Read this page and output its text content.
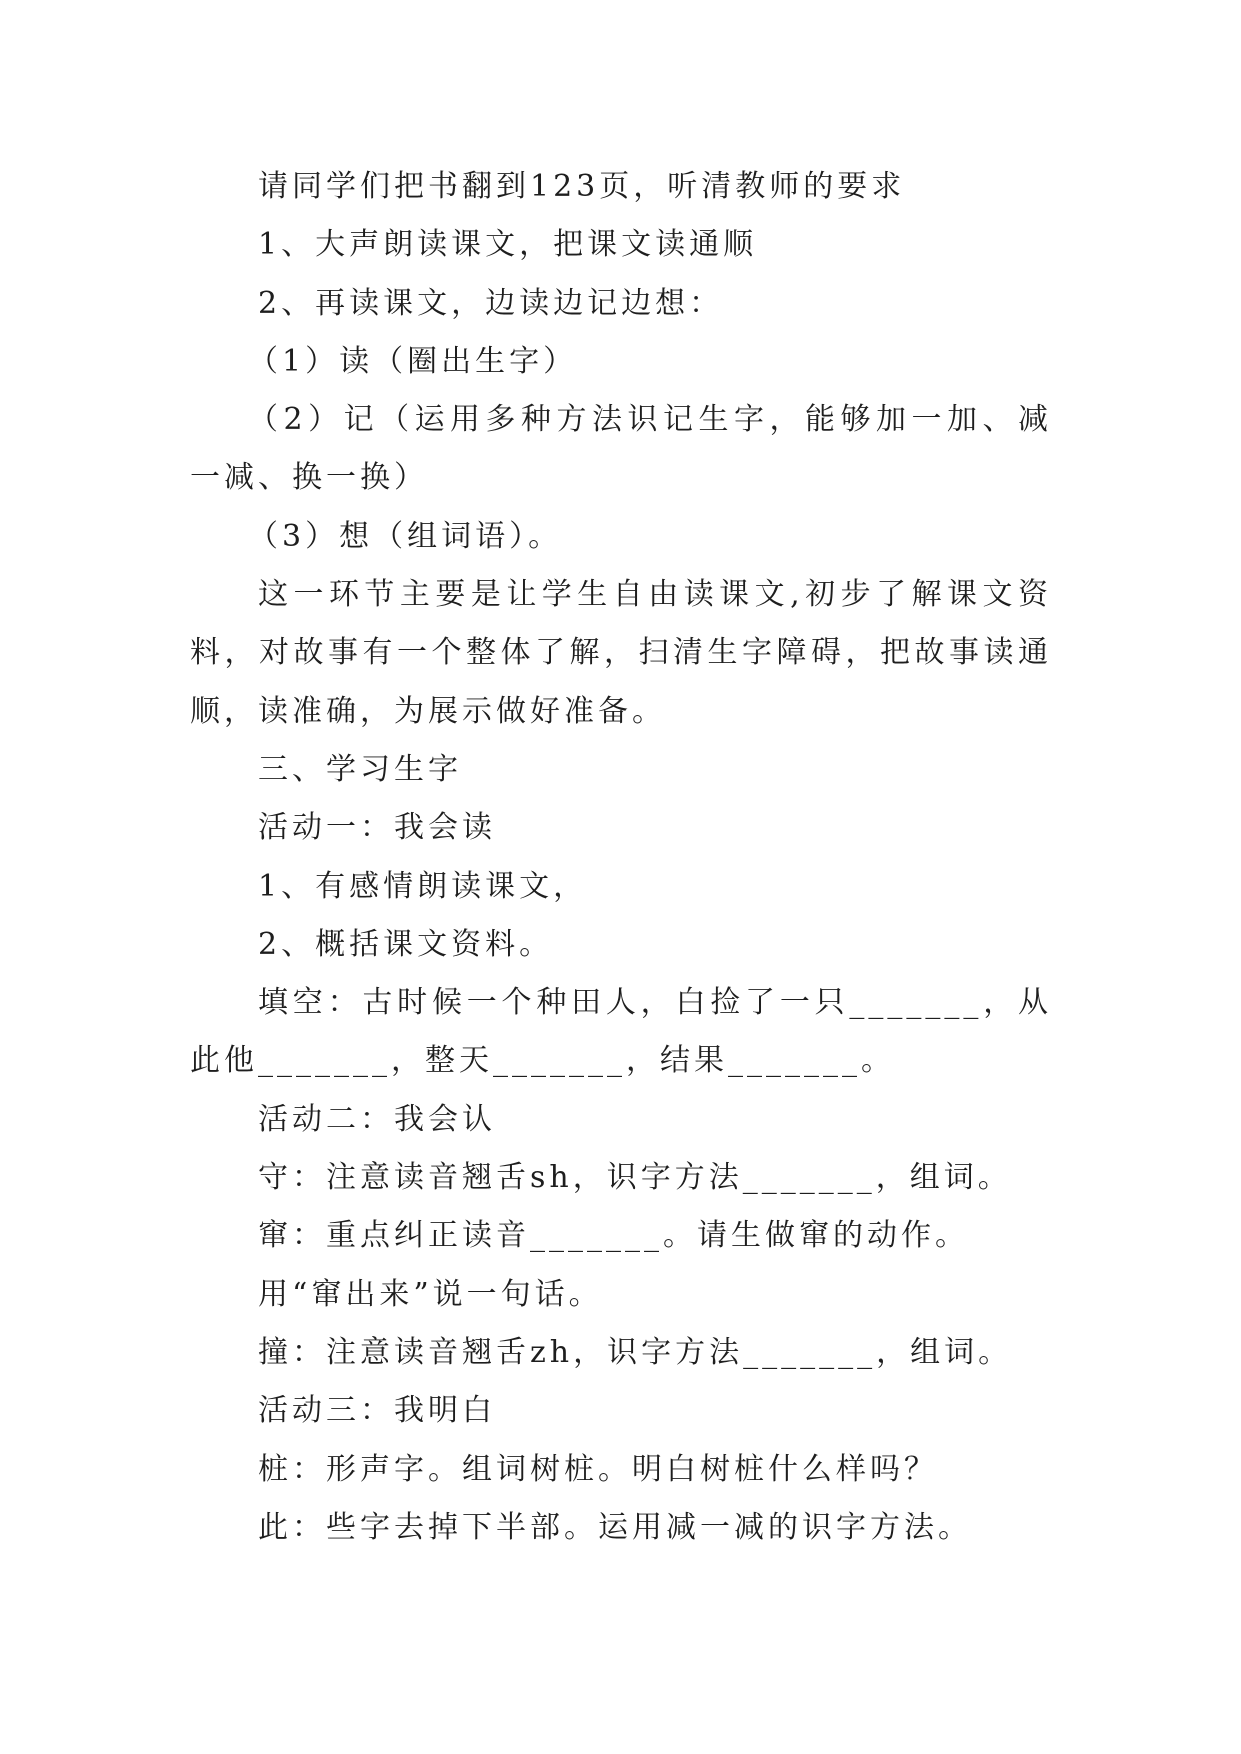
请同学们把书翻到123页，听清教师的要求

1、大声朗读课文，把课文读通顺

2、再读课文，边读边记边想：

（1）读（圈出生字）

（2）记（运用多种方法识记生字，能够加一加、减一减、换一换）

（3）想（组词语）。

这一环节主要是让学生自由读课文,初步了解课文资料，对故事有一个整体了解，扫清生字障碍，把故事读通顺，读准确，为展示做好准备。

三、学习生字

活动一：我会读

1、有感情朗读课文，

2、概括课文资料。

填空：古时候一个种田人，白捡了一只_______，从此他_______，整天_______，结果_______。

活动二：我会认

守：注意读音翘舌sh，识字方法_______，组词。

窜：重点纠正读音_______。请生做窜的动作。

用“窜出来”说一句话。

撞：注意读音翘舌zh，识字方法_______，组词。

活动三：我明白

桩：形声字。组词树桩。明白树桩什么样吗？

此：些字去掉下半部。运用减一减的识字方法。
